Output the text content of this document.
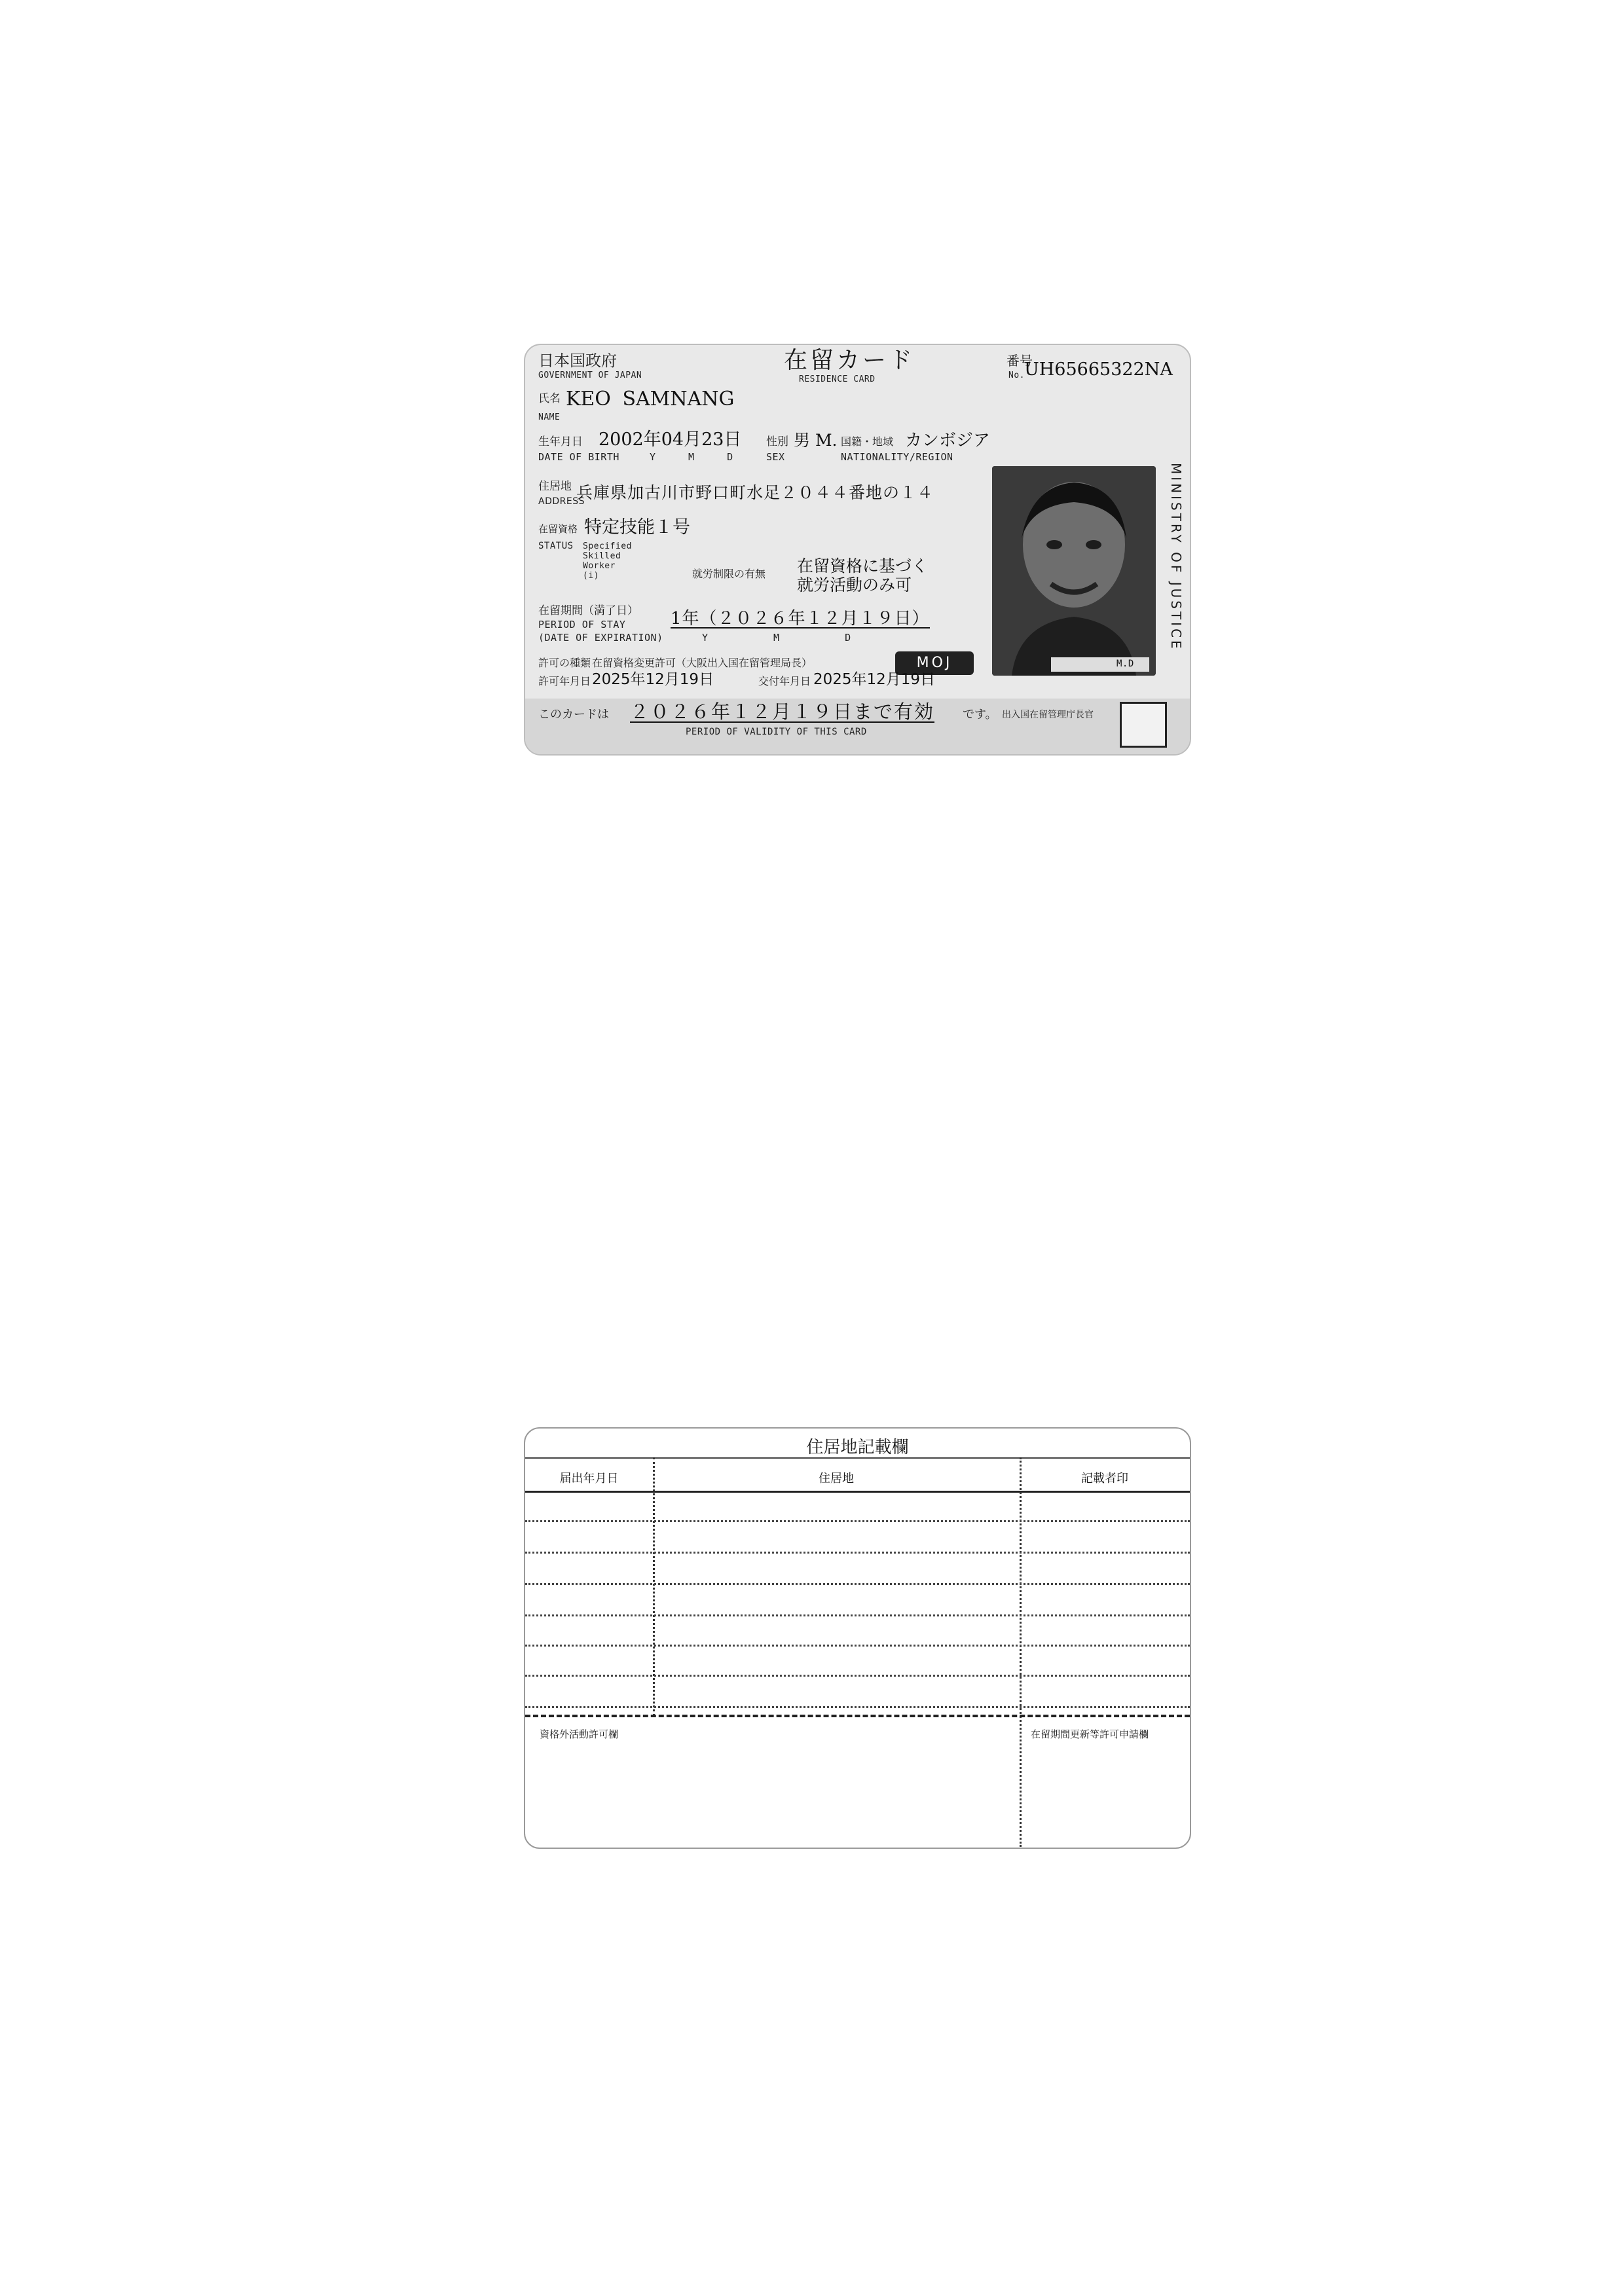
日本国政府
GOVERNMENT OF JAPAN
在留カード
RESIDENCE CARD
番号
No. UH65665322NA
氏名 KEO SAMNANG
NAME
生年月日 2002年04月23日
DATE OF BIRTH	Y M D
性別 男 M.
SEX
国籍・地域 カンボジア
NATIONALITY/REGION
住居地 兵庫県加古川市野口町水足２０４４番地の１４
ADDRESS
在留資格 特定技能１号
STATUS Specified Skilled Worker (i)	就労制限の有無 在留資格に基づく
就労活動のみ可
在留期間（満了日）
PERIOD OF STAY
(DATE OF EXPIRATION)
1年（２０２６年１２月１９日）
Y M D
許可の種類 在留資格変更許可（大阪出入国在留管理局長）	MOJ
許可年月日 2025年12月19日	交付年月日 2025年12月19日
このカードは ２０２６年１２月１９日まで有効 です。
PERIOD OF VALIDITY OF THIS CARD
出入国在留管理庁長官
M.D
MINISTRY OF JUSTICE
住居地記載欄
届出年月日	住居地	記載者印
資格外活動許可欄	在留期間更新等許可申請欄
